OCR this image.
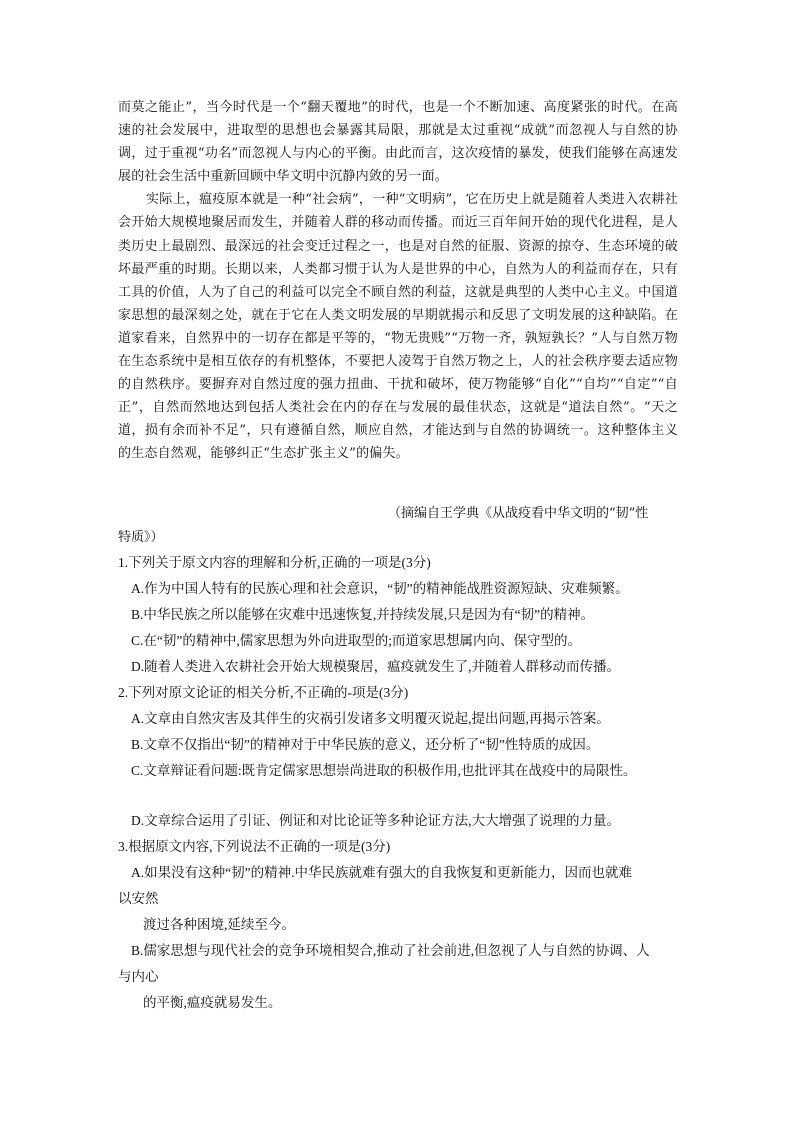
而莫之能止”，当今时代是一个“翻天覆地”的时代，也是一个不断加速、高度紧张的时代。在高速的社会发展中，进取型的思想也会暴露其局限，那就是太过重视“成就”而忽视人与自然的协调，过于重视“功名”而忽视人与内心的平衡。由此而言，这次疫情的暴发，使我们能够在高速发展的社会生活中重新回顾中华文明中沉静内敛的另一面。

实际上，瘟疫原本就是一种“社会病”，一种“文明病”，它在历史上就是随着人类进入农耕社会开始大规模地聚居而发生，并随着人群的移动而传播。而近三百年间开始的现代化进程，是人类历史上最剧烈、最深远的社会变迁过程之一，也是对自然的征服、资源的掠夺、生态环境的破坏最严重的时期。长期以来，人类都习惯于认为人是世界的中心，自然为人的利益而存在，只有工具的价值，人为了自己的利益可以完全不顾自然的利益，这就是典型的人类中心主义。中国道家思想的最深刻之处，就在于它在人类文明发展的早期就揭示和反思了文明发展的这种缺陷。在道家看来，自然界中的一切存在都是平等的，“物无贵贱”“万物一齐，孰短孰长？”人与自然万物在生态系统中是相互依存的有机整体，不要把人凌驾于自然万物之上，人的社会秩序要去适应物的自然秩序。要摒弃对自然过度的强力扭曲、干扰和破坏，使万物能够“自化”“自均”“自定”“自正”，自然而然地达到包括人类社会在内的存在与发展的最佳状态，这就是“道法自然”。“天之道，损有余而补不足”，只有遵循自然，顺应自然，才能达到与自然的协调统一。这种整体主义的生态自然观，能够纠正“生态扩张主义”的偏失。

（摘编自王学典《从战疫看中华文明的“韧”性

特质》）

1.下列关于原文内容的理解和分析,正确的一项是(3分)

A.作为中国人特有的民族心理和社会意识，“韧”的精神能战胜资源短缺、灾难频繁。

B.中华民族之所以能够在灾难中迅速恢复,并持续发展,只是因为有“韧”的精神。

C.在“韧”的精神中,儒家思想为外向进取型的;而道家思想属内向、保守型的。

D.随着人类进入农耕社会开始大规模聚居，瘟疫就发生了,并随着人群移动而传播。

2.下列对原文论证的相关分析,不正确的-项是(3分)

A.文章由自然灾害及其伴生的灾祸引发诸多文明覆灭说起,提出问题,再揭示答案。

B.文章不仅指出“韧”的精神对于中华民族的意义，还分析了“韧”性特质的成因。

C.文章辩证看问题:既肯定儒家思想崇尚进取的积极作用,也批评其在战疫中的局限性。

D.文章综合运用了引证、例证和对比论证等多种论证方法,大大增强了说理的力量。

3.根据原文内容,下列说法不正确的一项是(3分)

A.如果没有这种“韧”的精神.中华民族就难有强大的自我恢复和更新能力，因而也就难

以安然

渡过各种困境,延续至今。

B.儒家思想与现代社会的竞争环境相契合,推动了社会前进,但忽视了人与自然的协调、人

与内心

的平衡,瘟疫就易发生。
